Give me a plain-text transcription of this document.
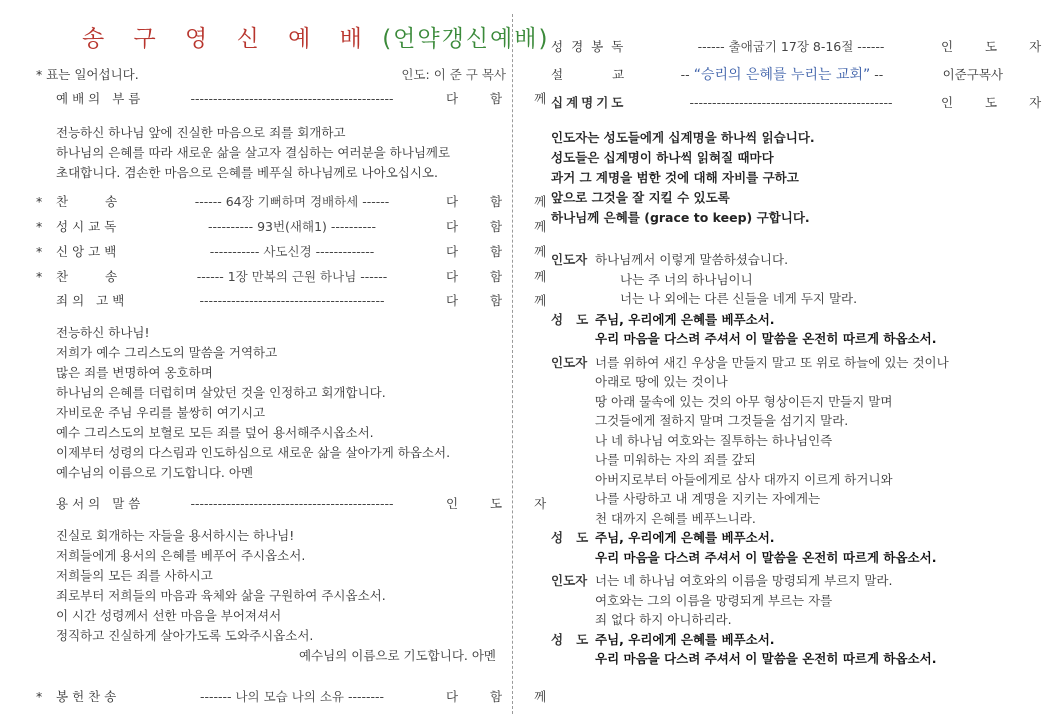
송 구 영 신 예 배 (언약갱신예배)
* 표는 일어섭니다.	인도: 이 준 구 목사
예배의 부름	---------------------------------------------	다 함 께
전능하신 하나님 앞에 진실한 마음으로 죄를 회개하고
하나님의 은혜를 따라 새로운 삶을 살고자 결심하는 여러분을 하나님께로
초대합니다. 겸손한 마음으로 은혜를 베푸실 하나님께로 나아오십시오.
*	찬　　송	------ 64장 기뻐하며 경배하세 ------	다 함 께
*	성시교독	---------- 93번(새해1) ----------	다 함 께
*	신앙고백	----------- 사도신경 -------------	다 함 께
*	찬　　송	------ 1장 만복의 근원 하나님 ------	다 함 께
죄의 고백	-----------------------------------------	다 함 께
전능하신 하나님!
저희가 예수 그리스도의 말씀을 거역하고
많은 죄를 변명하여 옹호하며
하나님의 은혜를 더럽히며 살았던 것을 인정하고 회개합니다.
자비로운 주님 우리를 불쌍히 여기시고
예수 그리스도의 보혈로 모든 죄를 덮어 용서해주시옵소서.
이제부터 성령의 다스림과 인도하심으로 새로운 삶을 살아가게 하옵소서.
예수님의 이름으로 기도합니다. 아멘
용서의 말씀	---------------------------------------------	인 도 자
진실로 회개하는 자들을 용서하시는 하나님!
저희들에게 용서의 은혜를 베푸어 주시옵소서.
저희들의 모든 죄를 사하시고
죄로부터 저희들의 마음과 육체와 삶을 구원하여 주시옵소서.
이 시간 성령께서 선한 마음을 부어져셔서
정직하고 진실하게 살아가도록 도와주시옵소서.
예수님의 이름으로 기도합니다. 아멘
*	봉헌찬송	------- 나의 모습 나의 소유 --------	다 함 께
성경봉독	------ 출애굽기 17장 8-16절 ------	인 도 자
설　　교	-- “승리의 은혜를 누리는 교회” --	이준구목사
십계명기도	---------------------------------------------	인 도 자
인도자는 성도들에게 십계명을 하나씩 읽습니다.
성도들은 십계명이 하나씩 읽혀질 때마다
과거 그 계명을 범한 것에 대해 자비를 구하고
앞으로 그것을 잘 지킬 수 있도록
하나님께 은혜를 (grace to keep) 구합니다.
인도자 하나님께서 이렇게 말씀하셨습니다.
　　나는 주 너의 하나님이니
　　너는 나 외에는 다른 신들을 네게 두지 말라.
성도
주님, 우리에게 은혜를 베푸소서.
우리 마음을 다스려 주셔서 이 말씀을 온전히 따르게 하옵소서.
인도자 너를 위하여 새긴 우상을 만들지 말고 또 위로 하늘에 있는 것이나
아래로 땅에 있는 것이나
땅 아래 물속에 있는 것의 아무 형상이든지 만들지 말며
그것들에게 절하지 말며 그것들을 섬기지 말라.
나 네 하나님 여호와는 질투하는 하나님인즉
나를 미워하는 자의 죄를 갚되
아버지로부터 아들에게로 삼사 대까지 이르게 하거니와
나를 사랑하고 내 계명을 지키는 자에게는
천 대까지 은혜를 베푸느니라.
성도
주님, 우리에게 은혜를 베푸소서.
우리 마음을 다스려 주셔서 이 말씀을 온전히 따르게 하옵소서.
인도자 너는 네 하나님 여호와의 이름을 망령되게 부르지 말라.
여호와는 그의 이름을 망령되게 부르는 자를
죄 없다 하지 아니하리라.
성도
주님, 우리에게 은혜를 베푸소서.
우리 마음을 다스려 주셔서 이 말씀을 온전히 따르게 하옵소서.
